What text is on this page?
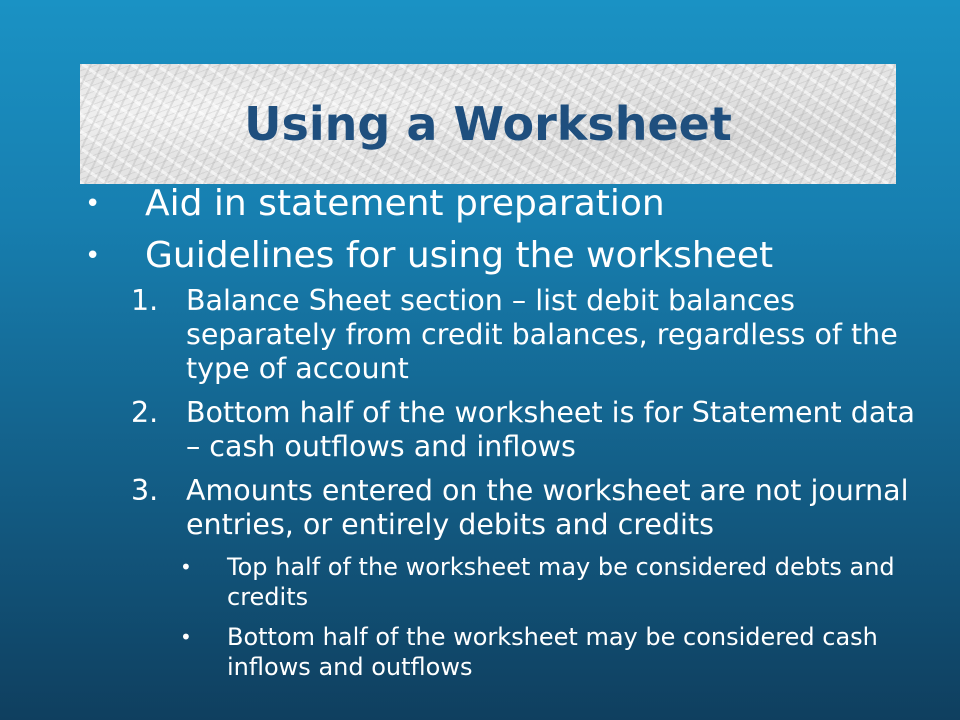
Using a Worksheet
• Aid in statement preparation
• Guidelines for using the worksheet
1. Balance Sheet section – list debit balances separately from credit balances, regardless of the type of account
2. Bottom half of the worksheet is for Statement data – cash outflows and inflows
3. Amounts entered on the worksheet are not journal entries, or entirely debits and credits
• Top half of the worksheet may be considered debts and credits
• Bottom half of the worksheet may be considered cash inflows and outflows
